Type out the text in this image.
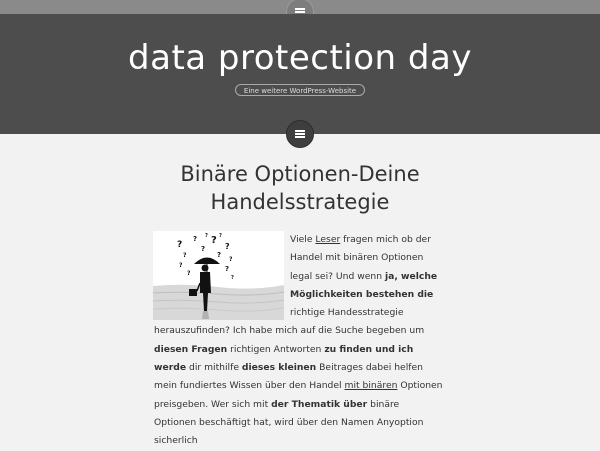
data protection day
Eine weitere WordPress-Website
Binäre Optionen-Deine Handelsstrategie
?
? ?
?
?
?	?
?
?	?
?
?
? ?	Viele Leser fragen mich ob der Handel mit binären Optionen legal sei? Und wenn ja, welche Möglichkeiten bestehen die richtige Handesstrategie herauszufinden? Ich habe mich auf die Suche begeben um diesen Fragen richtigen Antworten zu finden und ich werde dir mithilfe dieses kleinen Beitrages dabei helfen mein fundiertes Wissen über den Handel mit binären Optionen preisgeben. Wer sich mit der Thematik über binäre Optionen beschäftigt hat, wird über den Namen Anyoption sicherlich
